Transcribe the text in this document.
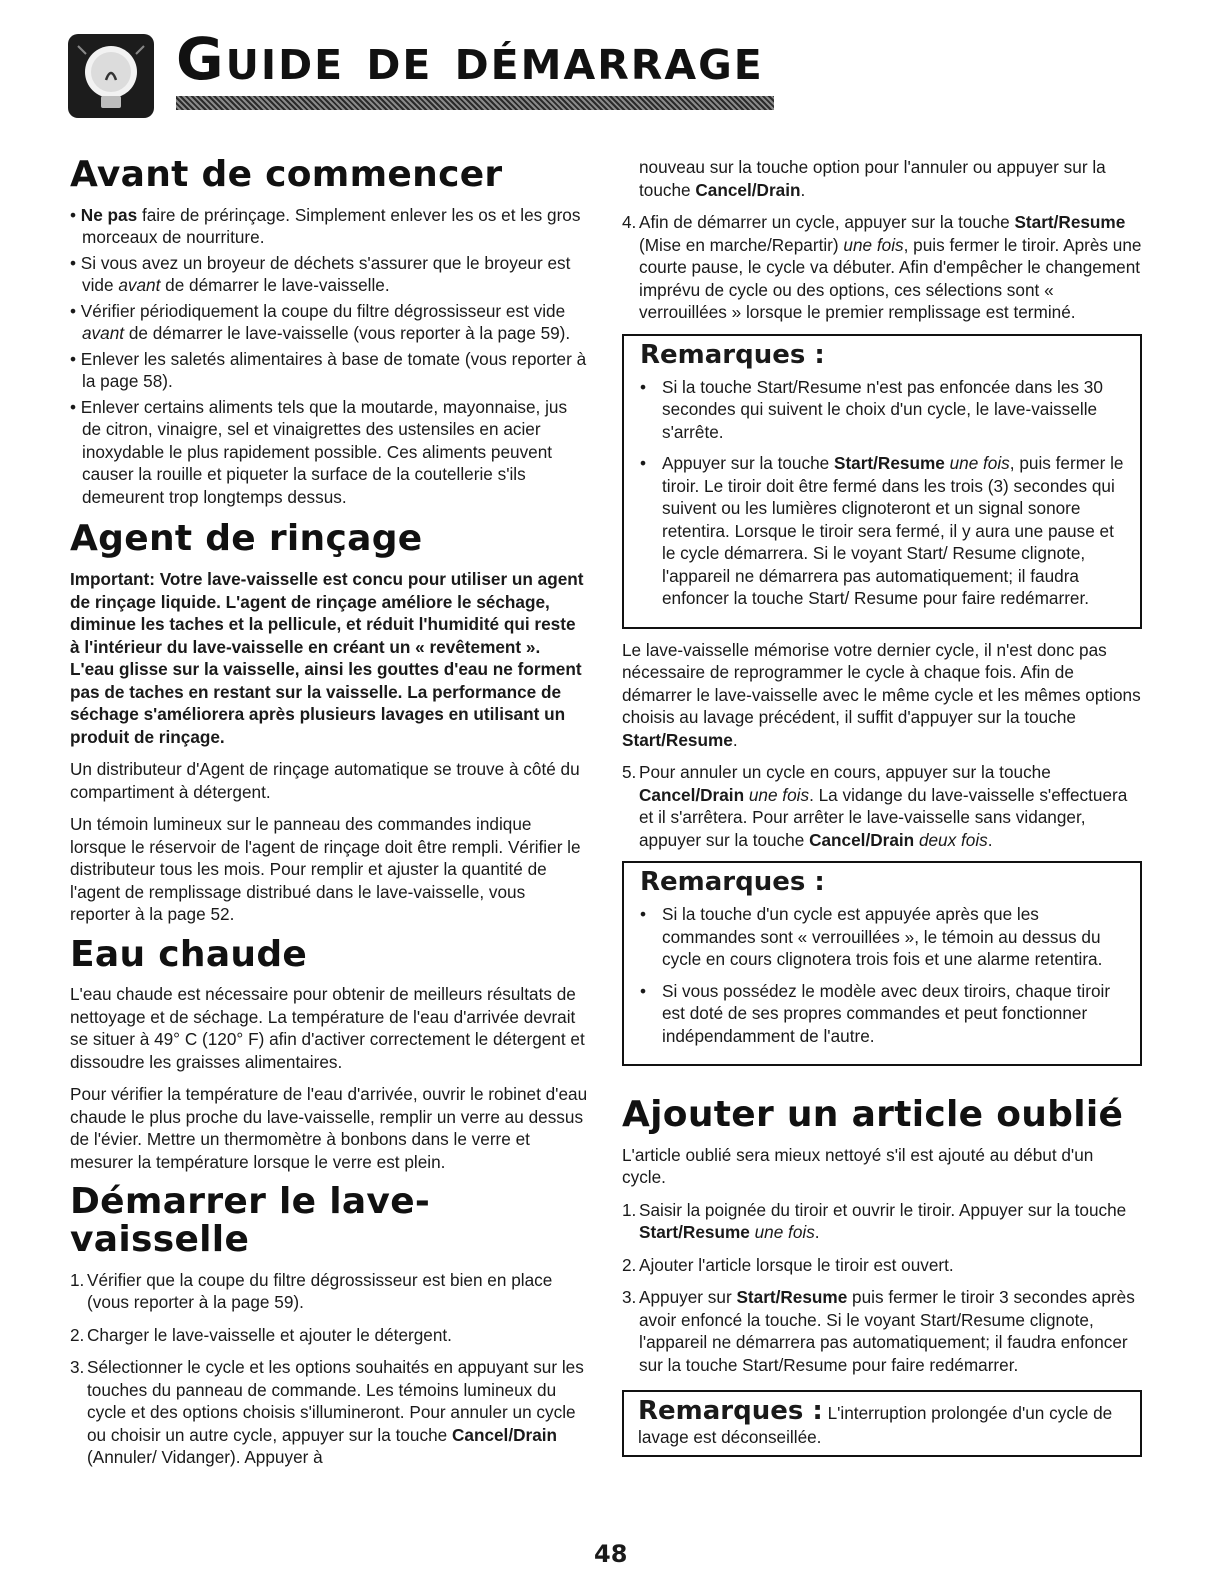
Guide de démarrage
Avant de commencer
• Ne pas faire de prérinçage. Simplement enlever les os et les gros morceaux de nourriture.
• Si vous avez un broyeur de déchets s'assurer que le broyeur est vide avant de démarrer le lave-vaisselle.
• Vérifier périodiquement la coupe du filtre dégrossisseur est vide avant de démarrer le lave-vaisselle (vous reporter à la page 59).
• Enlever les saletés alimentaires à base de tomate (vous reporter à la page 58).
• Enlever certains aliments tels que la moutarde, mayonnaise, jus de citron, vinaigre, sel et vinaigrettes des ustensiles en acier inoxydable le plus rapidement possible. Ces aliments peuvent causer la rouille et piqueter la surface de la coutellerie s'ils demeurent trop longtemps dessus.
Agent de rinçage

Important: Votre lave-vaisselle est concu pour utiliser un agent de rinçage liquide. L'agent de rinçage améliore le séchage, diminue les taches et la pellicule, et réduit l'humidité qui reste à l'intérieur du lave-vaisselle en créant un « revêtement ». L'eau glisse sur la vaisselle, ainsi les gouttes d'eau ne forment pas de taches en restant sur la vaisselle. La performance de séchage s'améliorera après plusieurs lavages en utilisant un produit de rinçage.

Un distributeur d'Agent de rinçage automatique se trouve à côté du compartiment à détergent.

Un témoin lumineux sur le panneau des commandes indique lorsque le réservoir de l'agent de rinçage doit être rempli. Vérifier le distributeur tous les mois. Pour remplir et ajuster la quantité de l'agent de remplissage distribué dans le lave-vaisselle, vous reporter à la page 52.

Eau chaude

L'eau chaude est nécessaire pour obtenir de meilleurs résultats de nettoyage et de séchage. La température de l'eau d'arrivée devrait se situer à 49° C (120° F) afin d'activer correctement le détergent et dissoudre les graisses alimentaires.

Pour vérifier la température de l'eau d'arrivée, ouvrir le robinet d'eau chaude le plus proche du lave-vaisselle, remplir un verre au dessus de l'évier. Mettre un thermomètre à bonbons dans le verre et mesurer la température lorsque le verre est plein.

Démarrer le lave-vaisselle
1. Vérifier que la coupe du filtre dégrossisseur est bien en place (vous reporter à la page 59).
2. Charger le lave-vaisselle et ajouter le détergent.
3. Sélectionner le cycle et les options souhaités en appuyant sur les touches du panneau de commande. Les témoins lumineux du cycle et des options choisis s'illumineront. Pour annuler un cycle ou choisir un autre cycle, appuyer sur la touche Cancel/Drain (Annuler/ Vidanger). Appuyer à

nouveau sur la touche option pour l'annuler ou appuyer sur la touche Cancel/Drain.

4. Afin de démarrer un cycle, appuyer sur la touche Start/Resume (Mise en marche/Repartir) une fois, puis fermer le tiroir. Après une courte pause, le cycle va débuter. Afin d'empêcher le changement imprévu de cycle ou des options, ces sélections sont « verrouillées » lorsque le premier remplissage est terminé.
Remarques :
• Si la touche Start/Resume n'est pas enfoncée dans les 30 secondes qui suivent le choix d'un cycle, le lave-vaisselle s'arrête.
• Appuyer sur la touche Start/Resume une fois, puis fermer le tiroir. Le tiroir doit être fermé dans les trois (3) secondes qui suivent ou les lumières clignoteront et un signal sonore retentira. Lorsque le tiroir sera fermé, il y aura une pause et le cycle démarrera. Si le voyant Start/ Resume clignote, l'appareil ne démarrera pas automatiquement; il faudra enfoncer la touche Start/ Resume pour faire redémarrer.

Le lave-vaisselle mémorise votre dernier cycle, il n'est donc pas nécessaire de reprogrammer le cycle à chaque fois. Afin de démarrer le lave-vaisselle avec le même cycle et les mêmes options choisis au lavage précédent, il suffit d'appuyer sur la touche Start/Resume.

5. Pour annuler un cycle en cours, appuyer sur la touche Cancel/Drain une fois. La vidange du lave-vaisselle s'effectuera et il s'arrêtera. Pour arrêter le lave-vaisselle sans vidanger, appuyer sur la touche Cancel/Drain deux fois.
Remarques :
• Si la touche d'un cycle est appuyée après que les commandes sont « verrouillées », le témoin au dessus du cycle en cours clignotera trois fois et une alarme retentira.
• Si vous possédez le modèle avec deux tiroirs, chaque tiroir est doté de ses propres commandes et peut fonctionner indépendamment de l'autre.
Ajouter un article oublié

L'article oublié sera mieux nettoyé s'il est ajouté au début d'un cycle.

1. Saisir la poignée du tiroir et ouvrir le tiroir. Appuyer sur la touche Start/Resume une fois.
2. Ajouter l'article lorsque le tiroir est ouvert.
3. Appuyer sur Start/Resume puis fermer le tiroir 3 secondes après avoir enfoncé la touche. Si le voyant Start/Resume clignote, l'appareil ne démarrera pas automatiquement; il faudra enfoncer sur la touche Start/Resume pour faire redémarrer.
Remarques : L'interruption prolongée d'un cycle de lavage est déconseillée.

48
